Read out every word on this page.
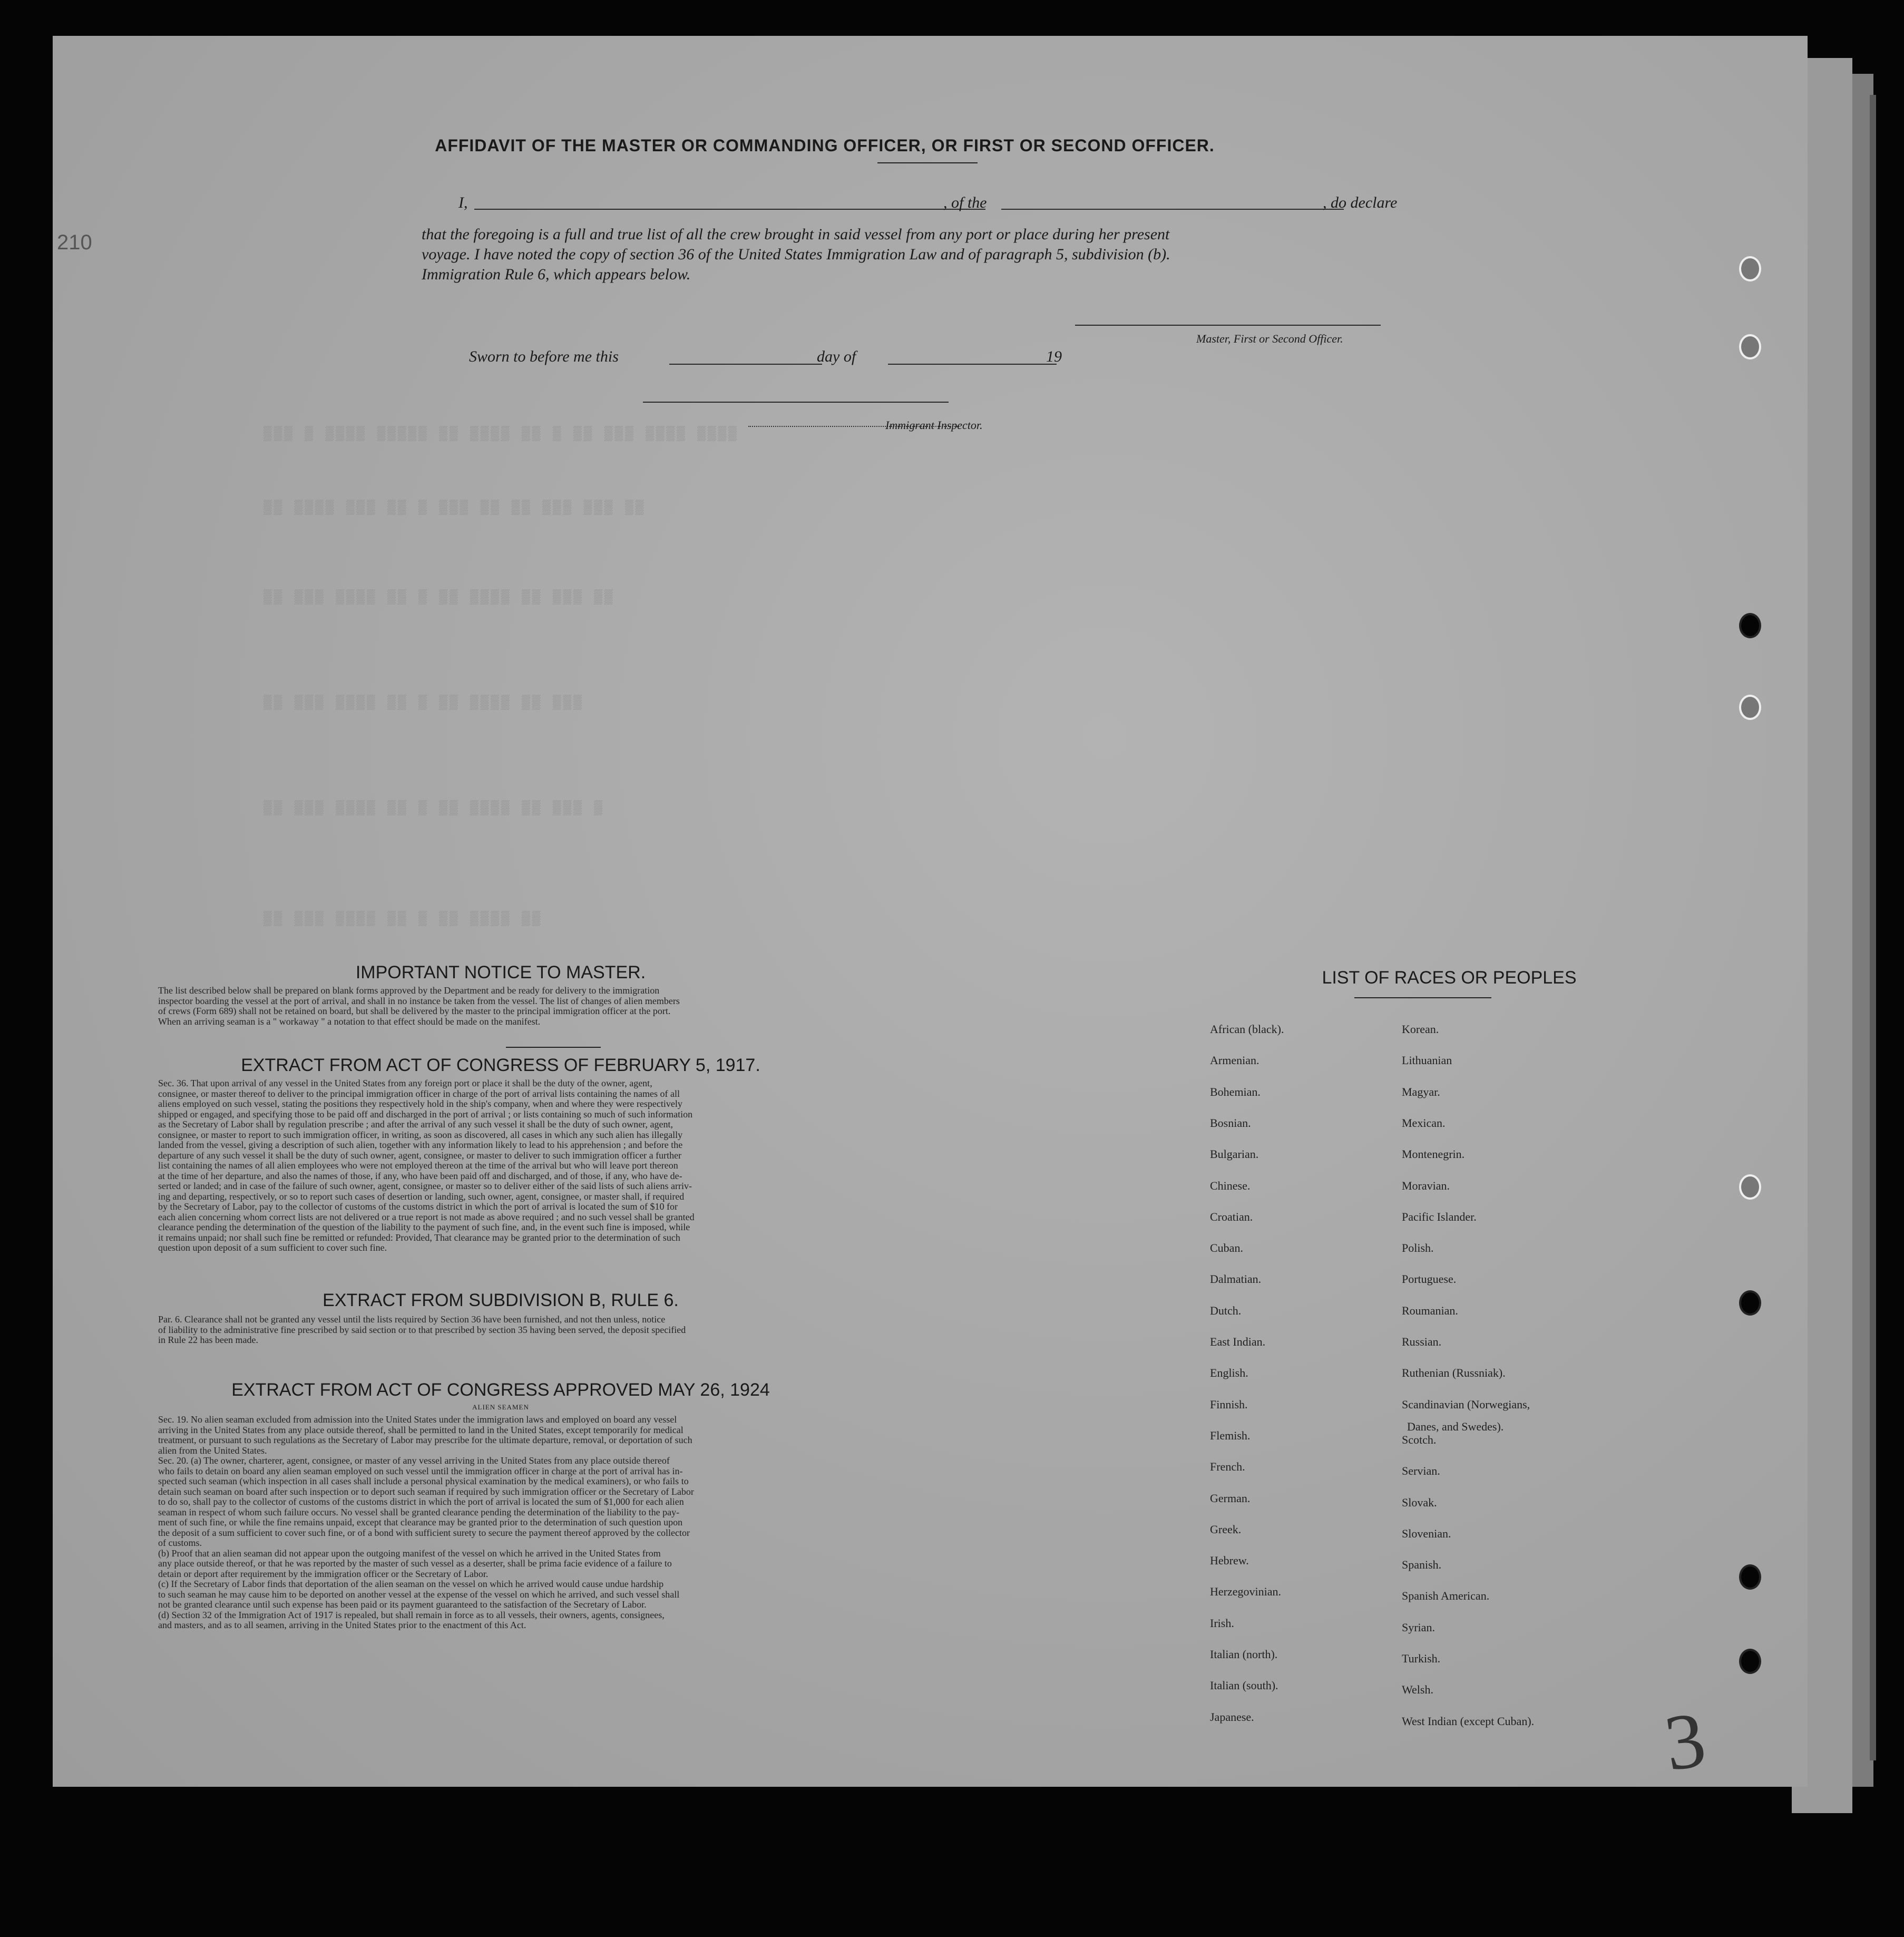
▒▒▒ ▒ ▒▒▒▒ ▒▒▒▒▒ ▒▒ ▒▒▒▒ ▒▒ ▒ ▒▒ ▒▒▒ ▒▒▒▒ ▒▒▒▒
▒▒ ▒▒▒▒ ▒▒▒ ▒▒ ▒ ▒▒▒ ▒▒ ▒▒ ▒▒▒ ▒▒▒ ▒▒
▒▒ ▒▒▒ ▒▒▒▒ ▒▒ ▒ ▒▒ ▒▒▒▒ ▒▒ ▒▒▒ ▒▒
▒▒ ▒▒▒ ▒▒▒▒ ▒▒ ▒ ▒▒ ▒▒▒▒ ▒▒ ▒▒▒
▒▒ ▒▒▒ ▒▒▒▒ ▒▒ ▒ ▒▒ ▒▒▒▒ ▒▒ ▒▒▒ ▒
▒▒ ▒▒▒ ▒▒▒▒ ▒▒ ▒ ▒▒ ▒▒▒▒ ▒▒
210
3
AFFIDAVIT OF THE MASTER OR COMMANDING OFFICER, OR FIRST OR SECOND OFFICER.
I,	, of the	, do declare
that the foregoing is a full and true list of all the crew brought in said vessel from any port or place during her present
voyage. I have noted the copy of section 36 of the United States Immigration Law and of paragraph 5, subdivision (b).
Immigration Rule 6, which appears below.
Master, First or Second Officer.
Sworn to before me this	day of	19
Immigrant Inspector.
IMPORTANT NOTICE TO MASTER.
The list described below shall be prepared on blank forms approved by the Department and be ready for delivery to the immigration
inspector boarding the vessel at the port of arrival, and shall in no instance be taken from the vessel. The list of changes of alien members
of crews (Form 689) shall not be retained on board, but shall be delivered by the master to the principal immigration officer at the port.
When an arriving seaman is a " workaway " a notation to that effect should be made on the manifest.
EXTRACT FROM ACT OF CONGRESS OF FEBRUARY 5, 1917.
Sec. 36. That upon arrival of any vessel in the United States from any foreign port or place it shall be the duty of the owner, agent,
consignee, or master thereof to deliver to the principal immigration officer in charge of the port of arrival lists containing the names of all
aliens employed on such vessel, stating the positions they respectively hold in the ship's company, when and where they were respectively
shipped or engaged, and specifying those to be paid off and discharged in the port of arrival ; or lists containing so much of such information
as the Secretary of Labor shall by regulation prescribe ; and after the arrival of any such vessel it shall be the duty of such owner, agent,
consignee, or master to report to such immigration officer, in writing, as soon as discovered, all cases in which any such alien has illegally
landed from the vessel, giving a description of such alien, together with any information likely to lead to his apprehension ; and before the
departure of any such vessel it shall be the duty of such owner, agent, consignee, or master to deliver to such immigration officer a further
list containing the names of all alien employees who were not employed thereon at the time of the arrival but who will leave port thereon
at the time of her departure, and also the names of those, if any, who have been paid off and discharged, and of those, if any, who have de-
serted or landed; and in case of the failure of such owner, agent, consignee, or master so to deliver either of the said lists of such aliens arriv-
ing and departing, respectively, or so to report such cases of desertion or landing, such owner, agent, consignee, or master shall, if required
by the Secretary of Labor, pay to the collector of customs of the customs district in which the port of arrival is located the sum of $10 for
each alien concerning whom correct lists are not delivered or a true report is not made as above required ; and no such vessel shall be granted
clearance pending the determination of the question of the liability to the payment of such fine, and, in the event such fine is imposed, while
it remains unpaid; nor shall such fine be remitted or refunded: Provided, That clearance may be granted prior to the determination of such
question upon deposit of a sum sufficient to cover such fine.
EXTRACT FROM SUBDIVISION B, RULE 6.
Par. 6. Clearance shall not be granted any vessel until the lists required by Section 36 have been furnished, and not then unless, notice
of liability to the administrative fine prescribed by said section or to that prescribed by section 35 having been served, the deposit specified
in Rule 22 has been made.
EXTRACT FROM ACT OF CONGRESS APPROVED MAY 26, 1924
ALIEN SEAMEN
Sec. 19. No alien seaman excluded from admission into the United States under the immigration laws and employed on board any vessel
arriving in the United States from any place outside thereof, shall be permitted to land in the United States, except temporarily for medical
treatment, or pursuant to such regulations as the Secretary of Labor may prescribe for the ultimate departure, removal, or deportation of such
alien from the United States.
Sec. 20. (a) The owner, charterer, agent, consignee, or master of any vessel arriving in the United States from any place outside thereof
who fails to detain on board any alien seaman employed on such vessel until the immigration officer in charge at the port of arrival has in-
spected such seaman (which inspection in all cases shall include a personal physical examination by the medical examiners), or who fails to
detain such seaman on board after such inspection or to deport such seaman if required by such immigration officer or the Secretary of Labor
to do so, shall pay to the collector of customs of the customs district in which the port of arrival is located the sum of $1,000 for each alien
seaman in respect of whom such failure occurs. No vessel shall be granted clearance pending the determination of the liability to the pay-
ment of such fine, or while the fine remains unpaid, except that clearance may be granted prior to the determination of such question upon
the deposit of a sum sufficient to cover such fine, or of a bond with sufficient surety to secure the payment thereof approved by the collector
of customs.
(b) Proof that an alien seaman did not appear upon the outgoing manifest of the vessel on which he arrived in the United States from
any place outside thereof, or that he was reported by the master of such vessel as a deserter, shall be prima facie evidence of a failure to
detain or deport after requirement by the immigration officer or the Secretary of Labor.
(c) If the Secretary of Labor finds that deportation of the alien seaman on the vessel on which he arrived would cause undue hardship
to such seaman he may cause him to be deported on another vessel at the expense of the vessel on which he arrived, and such vessel shall
not be granted clearance until such expense has been paid or its payment guaranteed to the satisfaction of the Secretary of Labor.
(d) Section 32 of the Immigration Act of 1917 is repealed, but shall remain in force as to all vessels, their owners, agents, consignees,
and masters, and as to all seamen, arriving in the United States prior to the enactment of this Act.
LIST OF RACES OR PEOPLES
Danes, and Swedes).
African (black).
Armenian.
Bohemian.
Bosnian.
Bulgarian.
Chinese.
Croatian.
Cuban.
Dalmatian.
Dutch.
East Indian.
English.
Finnish.
Flemish.
French.
German.
Greek.
Hebrew.
Herzegovinian.
Irish.
Italian (north).
Italian (south).
Japanese.
Korean.
Lithuanian
Magyar.
Mexican.
Montenegrin.
Moravian.
Pacific Islander.
Polish.
Portuguese.
Roumanian.
Russian.
Ruthenian (Russniak).
Scandinavian (Norwegians,
Scotch.
Servian.
Slovak.
Slovenian.
Spanish.
Spanish American.
Syrian.
Turkish.
Welsh.
West Indian (except Cuban).
